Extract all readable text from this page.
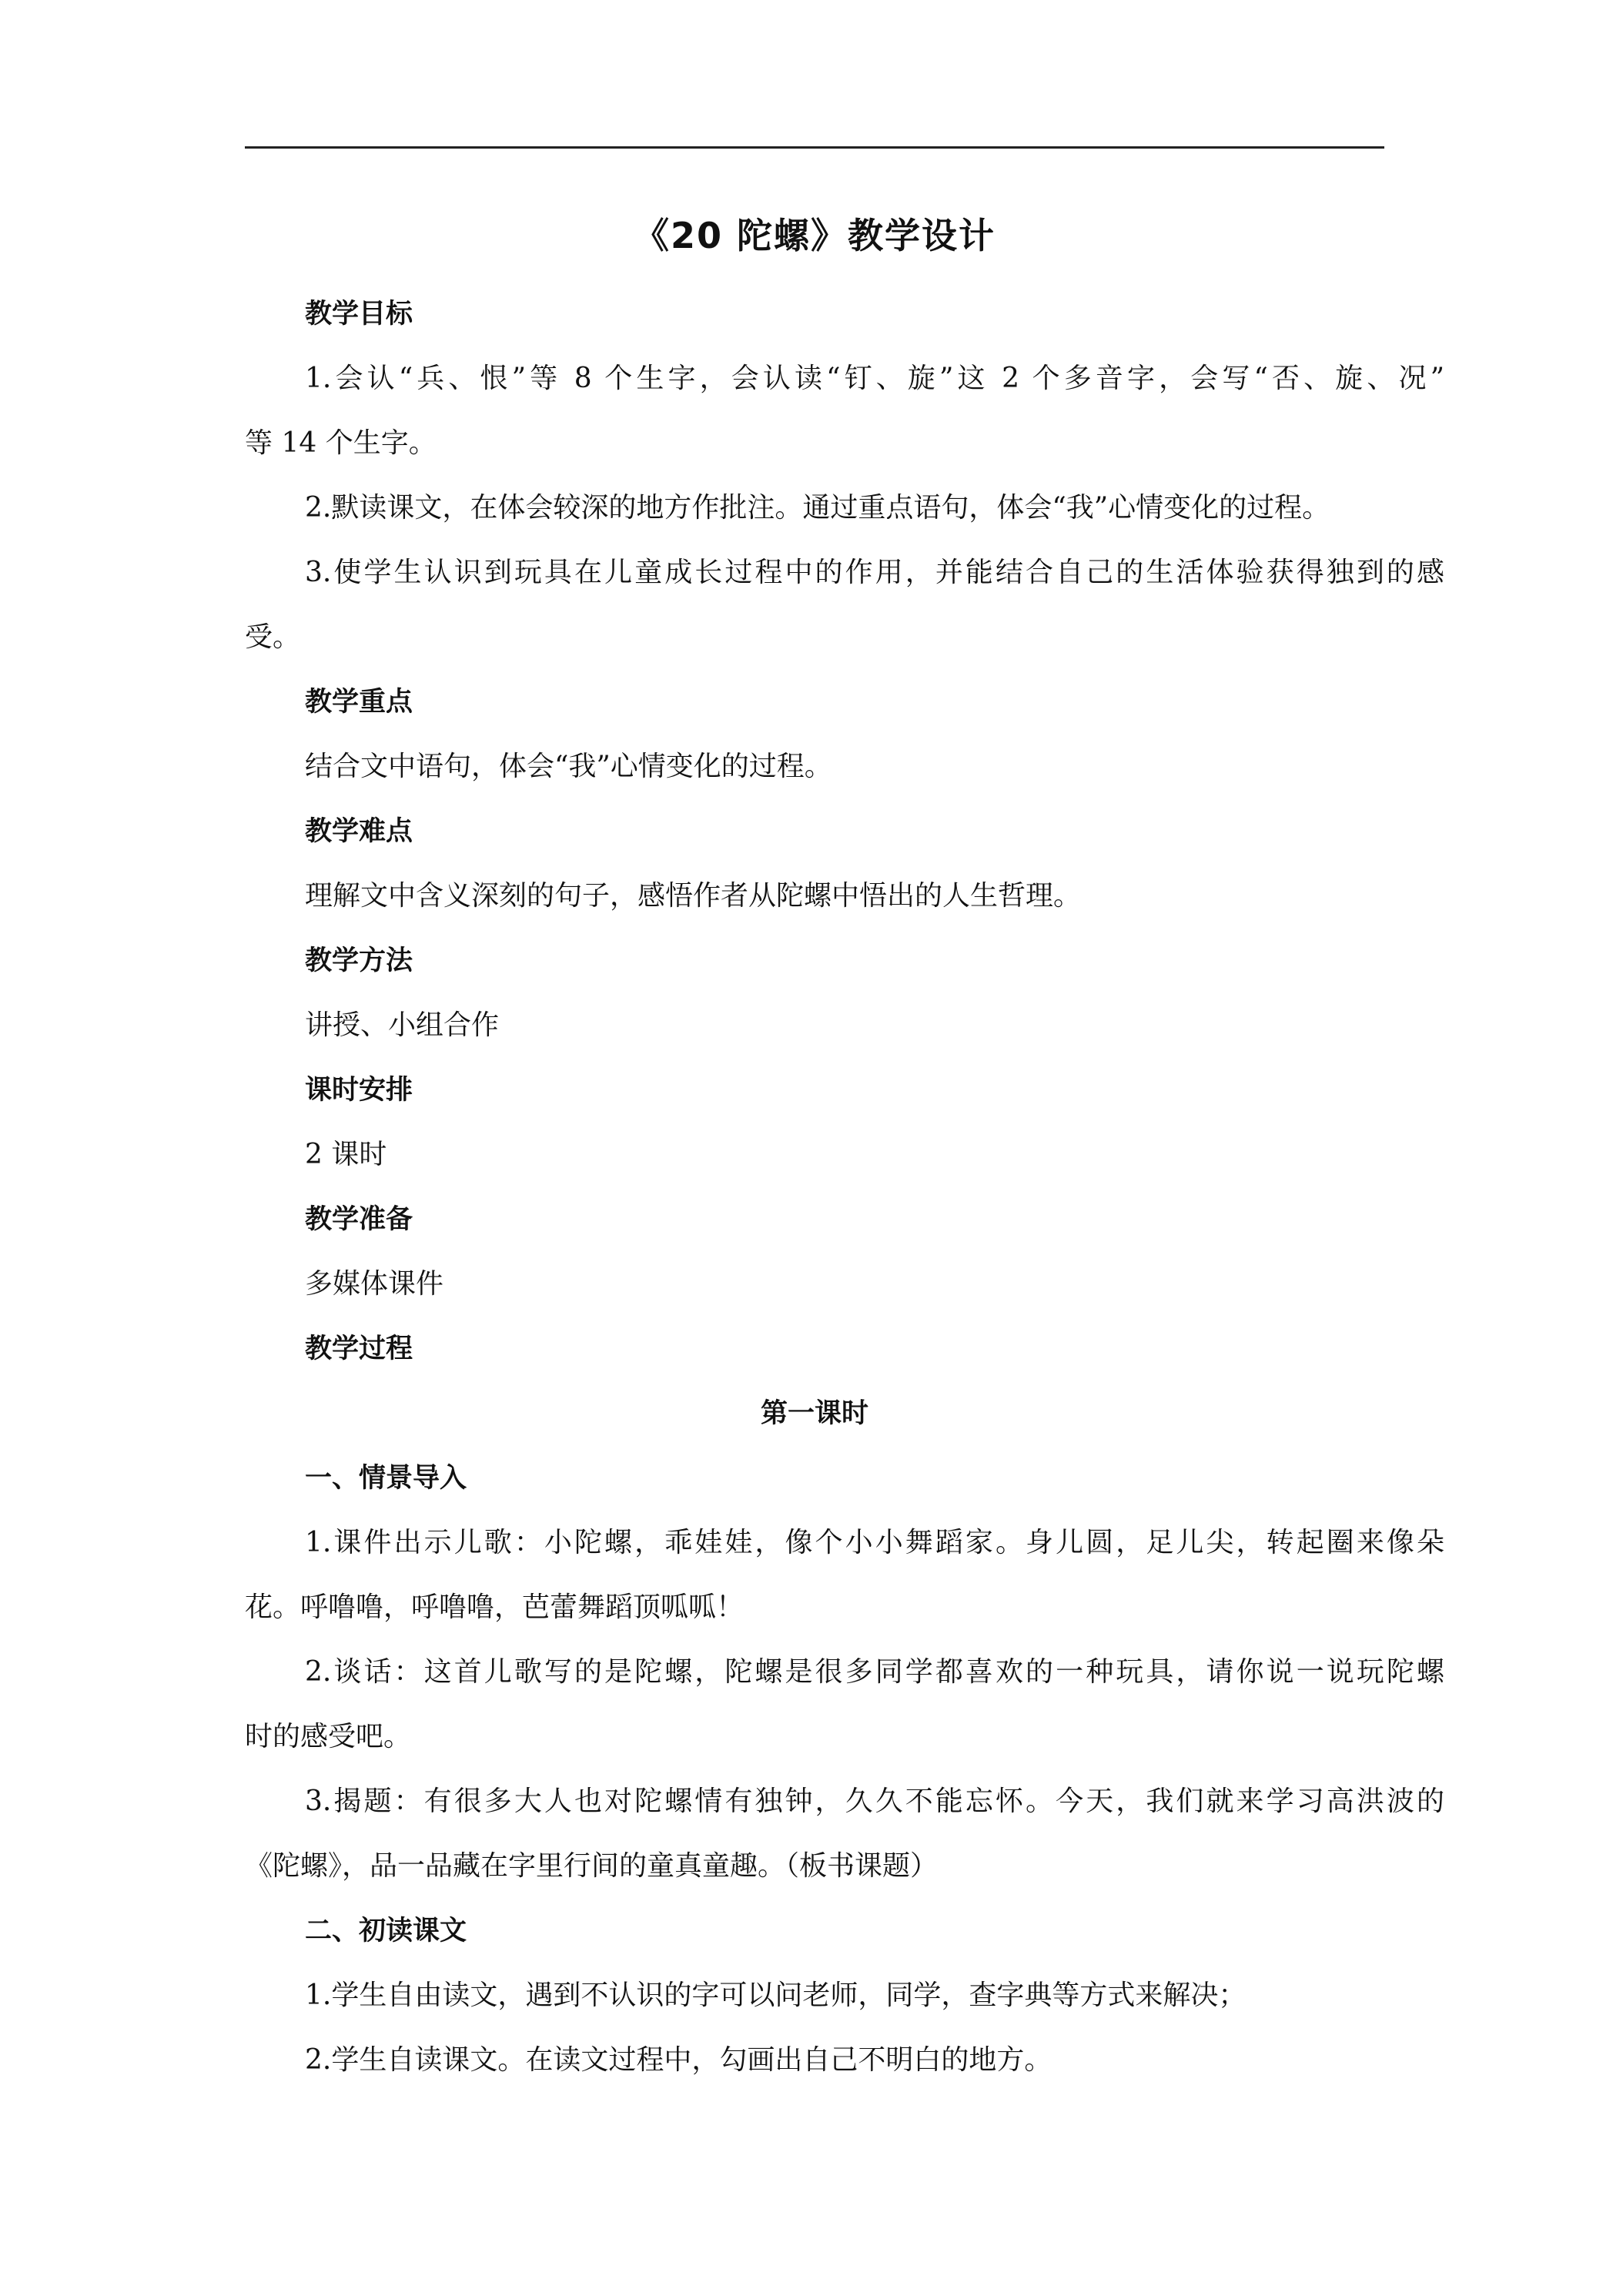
《20 陀螺》教学设计
教学目标
1.会认“兵、恨”等 8 个生字，会认读“钉、旋”这 2 个多音字，会写“否、旋、况”
等 14 个生字。
2.默读课文，在体会较深的地方作批注。通过重点语句，体会“我”心情变化的过程。
3.使学生认识到玩具在儿童成长过程中的作用，并能结合自己的生活体验获得独到的感
受。
教学重点
结合文中语句，体会“我”心情变化的过程。
教学难点
理解文中含义深刻的句子，感悟作者从陀螺中悟出的人生哲理。
教学方法
讲授、小组合作
课时安排
2 课时
教学准备
多媒体课件
教学过程
第一课时
一、情景导入
1.课件出示儿歌：小陀螺，乖娃娃，像个小小舞蹈家。身儿圆，足儿尖，转起圈来像朵
花。呼噜噜，呼噜噜，芭蕾舞蹈顶呱呱！
2.谈话：这首儿歌写的是陀螺，陀螺是很多同学都喜欢的一种玩具，请你说一说玩陀螺
时的感受吧。
3.揭题：有很多大人也对陀螺情有独钟，久久不能忘怀。今天，我们就来学习高洪波的
《陀螺》，品一品藏在字里行间的童真童趣。（板书课题）
二、初读课文
1.学生自由读文，遇到不认识的字可以问老师，同学，查字典等方式来解决；
2.学生自读课文。在读文过程中，勾画出自己不明白的地方。
